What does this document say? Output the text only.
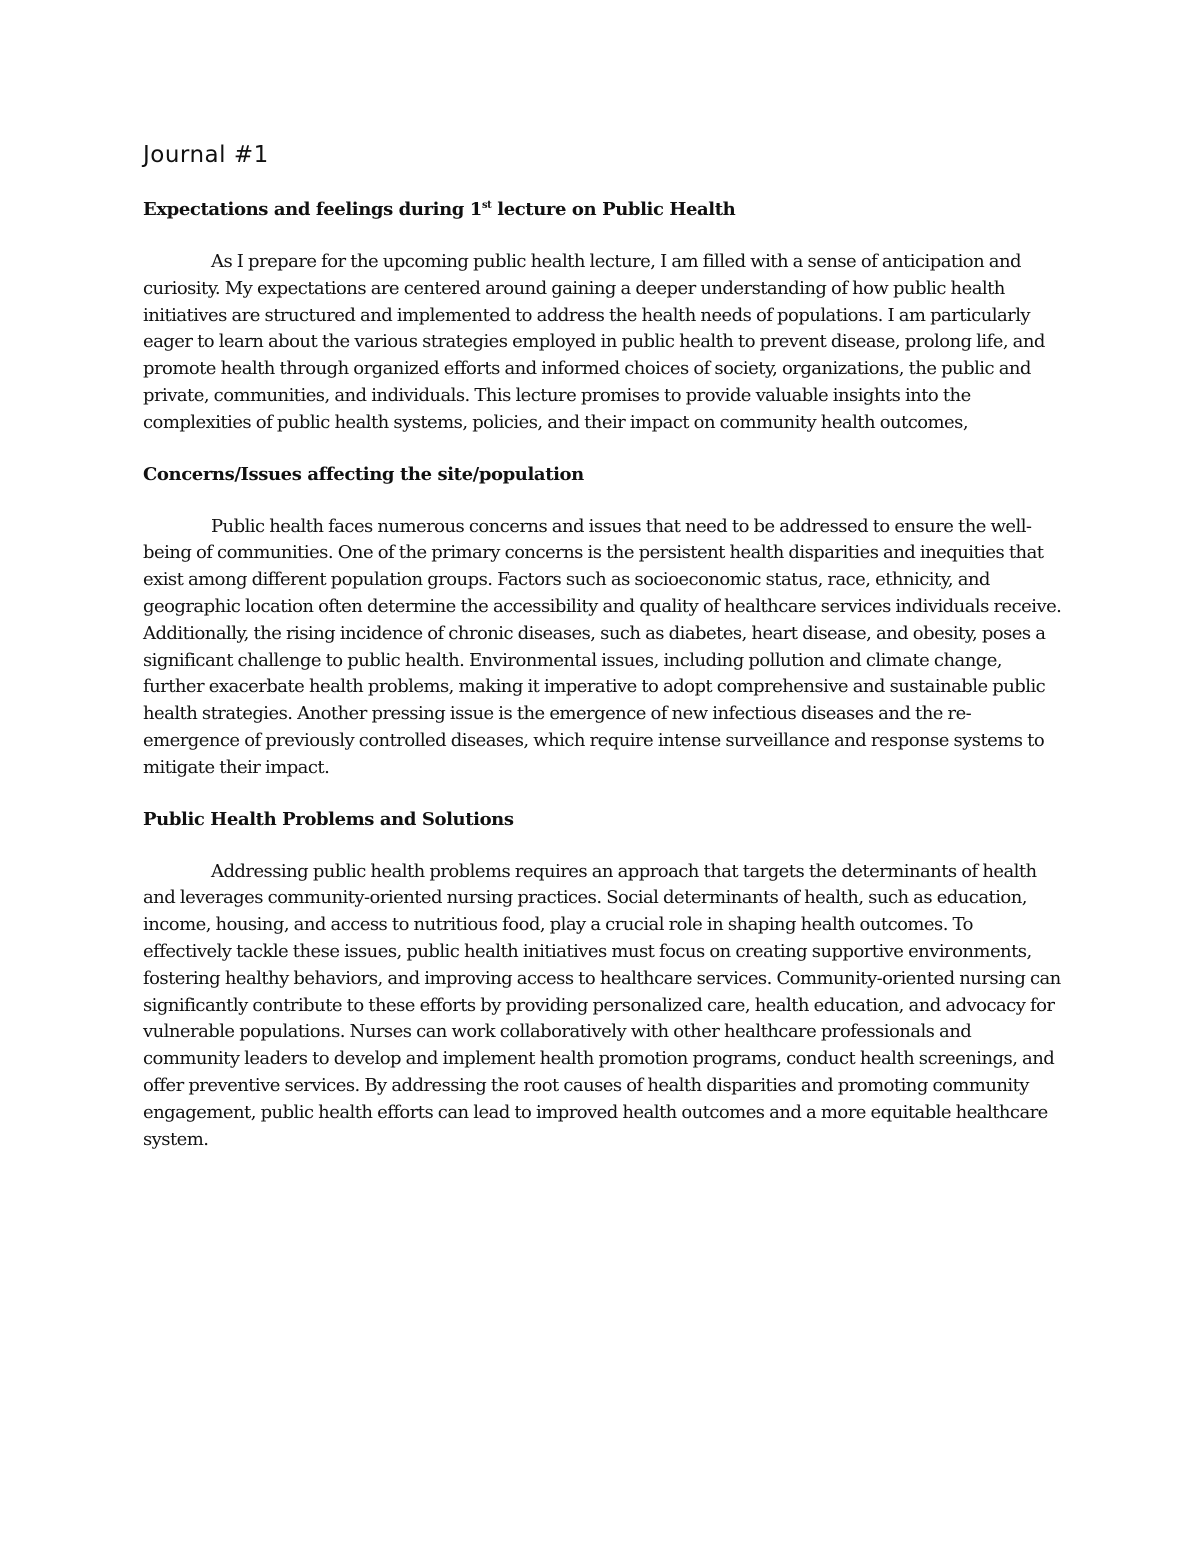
Journal #1
Expectations and feelings during 1st lecture on Public Health

As I prepare for the upcoming public health lecture, I am filled with a sense of anticipation and curiosity. My expectations are centered around gaining a deeper understanding of how public health initiatives are structured and implemented to address the health needs of populations. I am particularly eager to learn about the various strategies employed in public health to prevent disease, prolong life, and promote health through organized efforts and informed choices of society, organizations, the public and private, communities, and individuals. This lecture promises to provide valuable insights into the complexities of public health systems, policies, and their impact on community health outcomes,

Concerns/Issues affecting the site/population

Public health faces numerous concerns and issues that need to be addressed to ensure the well-being of communities. One of the primary concerns is the persistent health disparities and inequities that exist among different population groups. Factors such as socioeconomic status, race, ethnicity, and geographic location often determine the accessibility and quality of healthcare services individuals receive. Additionally, the rising incidence of chronic diseases, such as diabetes, heart disease, and obesity, poses a significant challenge to public health. Environmental issues, including pollution and climate change, further exacerbate health problems, making it imperative to adopt comprehensive and sustainable public health strategies. Another pressing issue is the emergence of new infectious diseases and the re-emergence of previously controlled diseases, which require intense surveillance and response systems to mitigate their impact.

Public Health Problems and Solutions

Addressing public health problems requires an approach that targets the determinants of health and leverages community-oriented nursing practices. Social determinants of health, such as education, income, housing, and access to nutritious food, play a crucial role in shaping health outcomes. To effectively tackle these issues, public health initiatives must focus on creating supportive environments, fostering healthy behaviors, and improving access to healthcare services. Community-oriented nursing can significantly contribute to these efforts by providing personalized care, health education, and advocacy for vulnerable populations. Nurses can work collaboratively with other healthcare professionals and community leaders to develop and implement health promotion programs, conduct health screenings, and offer preventive services. By addressing the root causes of health disparities and promoting community engagement, public health efforts can lead to improved health outcomes and a more equitable healthcare system.
